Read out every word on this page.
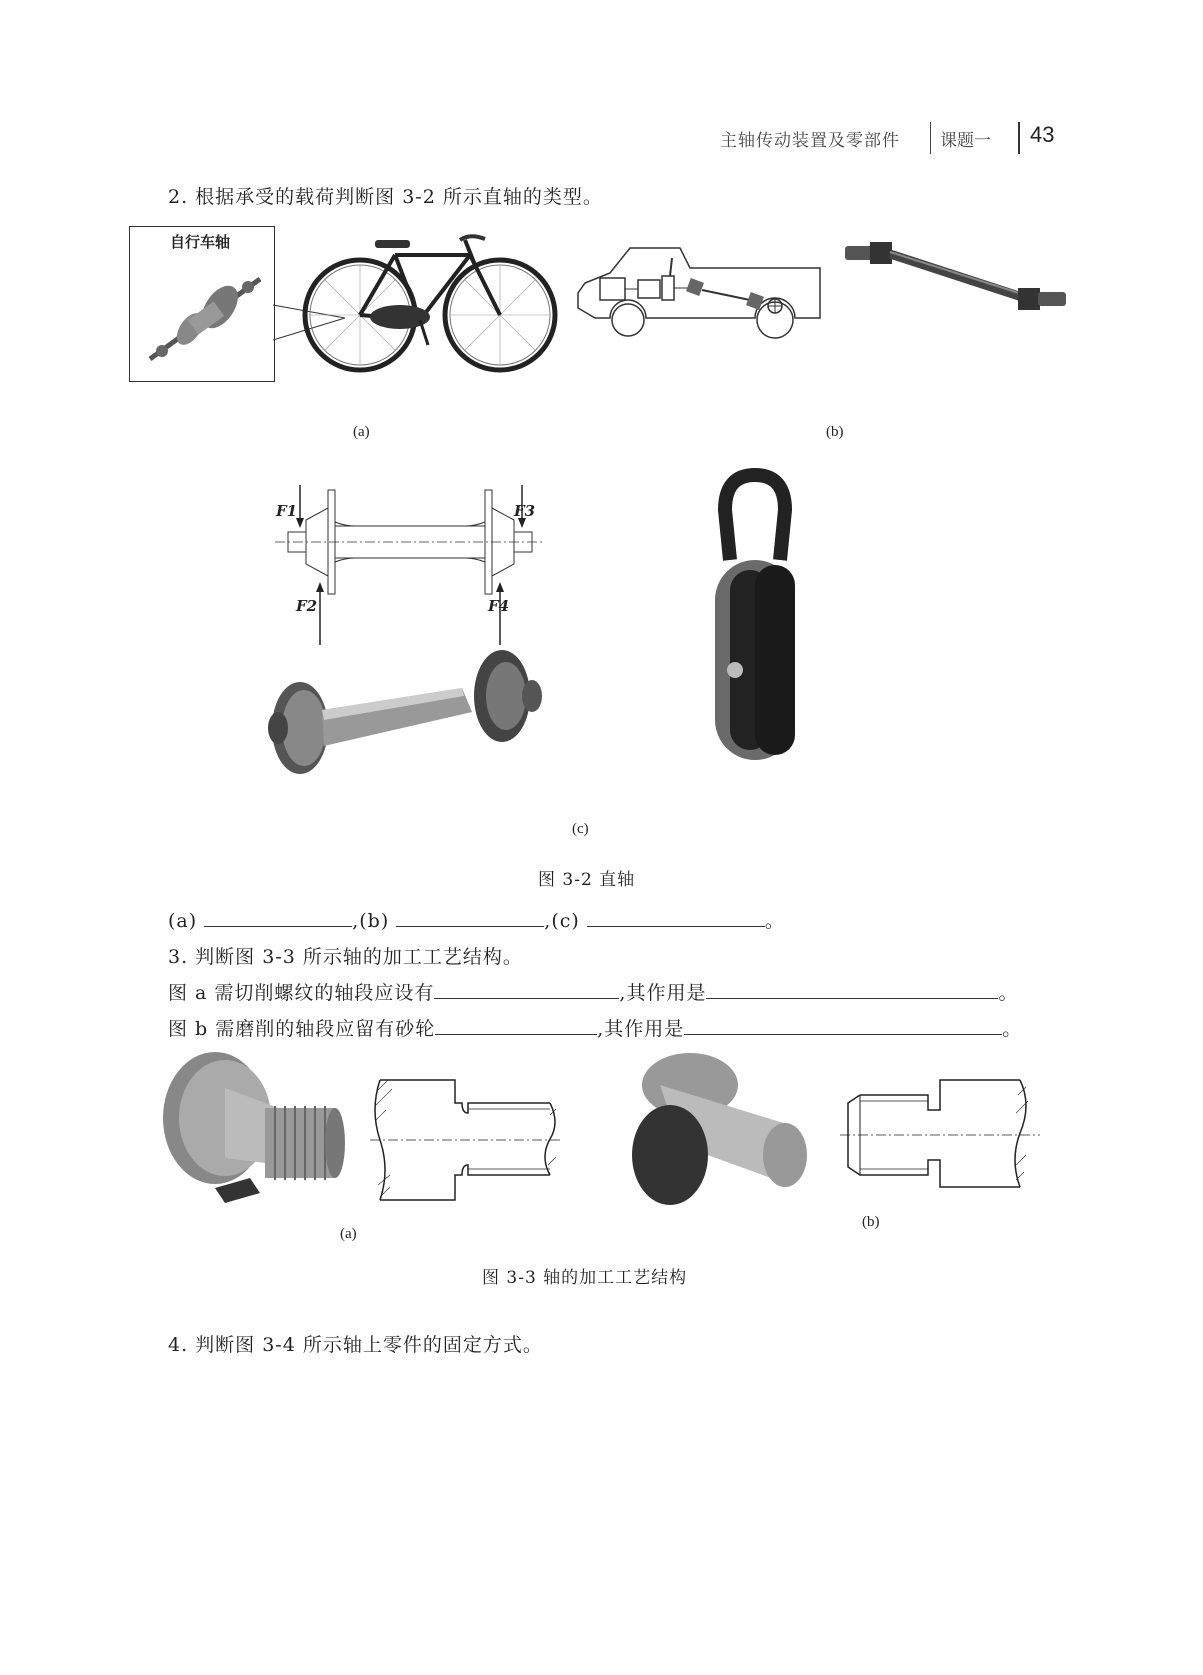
主轴传动装置及零部件 课题一 43
2. 根据承受的载荷判断图 3-2 所示直轴的类型。
自行车轴
(a)	(b)
F1
F2
F3
F4
(c)
图 3-2 直轴
(a)	,(b)	,(c)	。
3. 判断图 3-3 所示轴的加工工艺结构。
图 a 需切削螺纹的轴段应设有	,其作用是	。
图 b 需磨削的轴段应留有砂轮	,其作用是	。
(a)
(b)
图 3-3 轴的加工工艺结构
4. 判断图 3-4 所示轴上零件的固定方式。
